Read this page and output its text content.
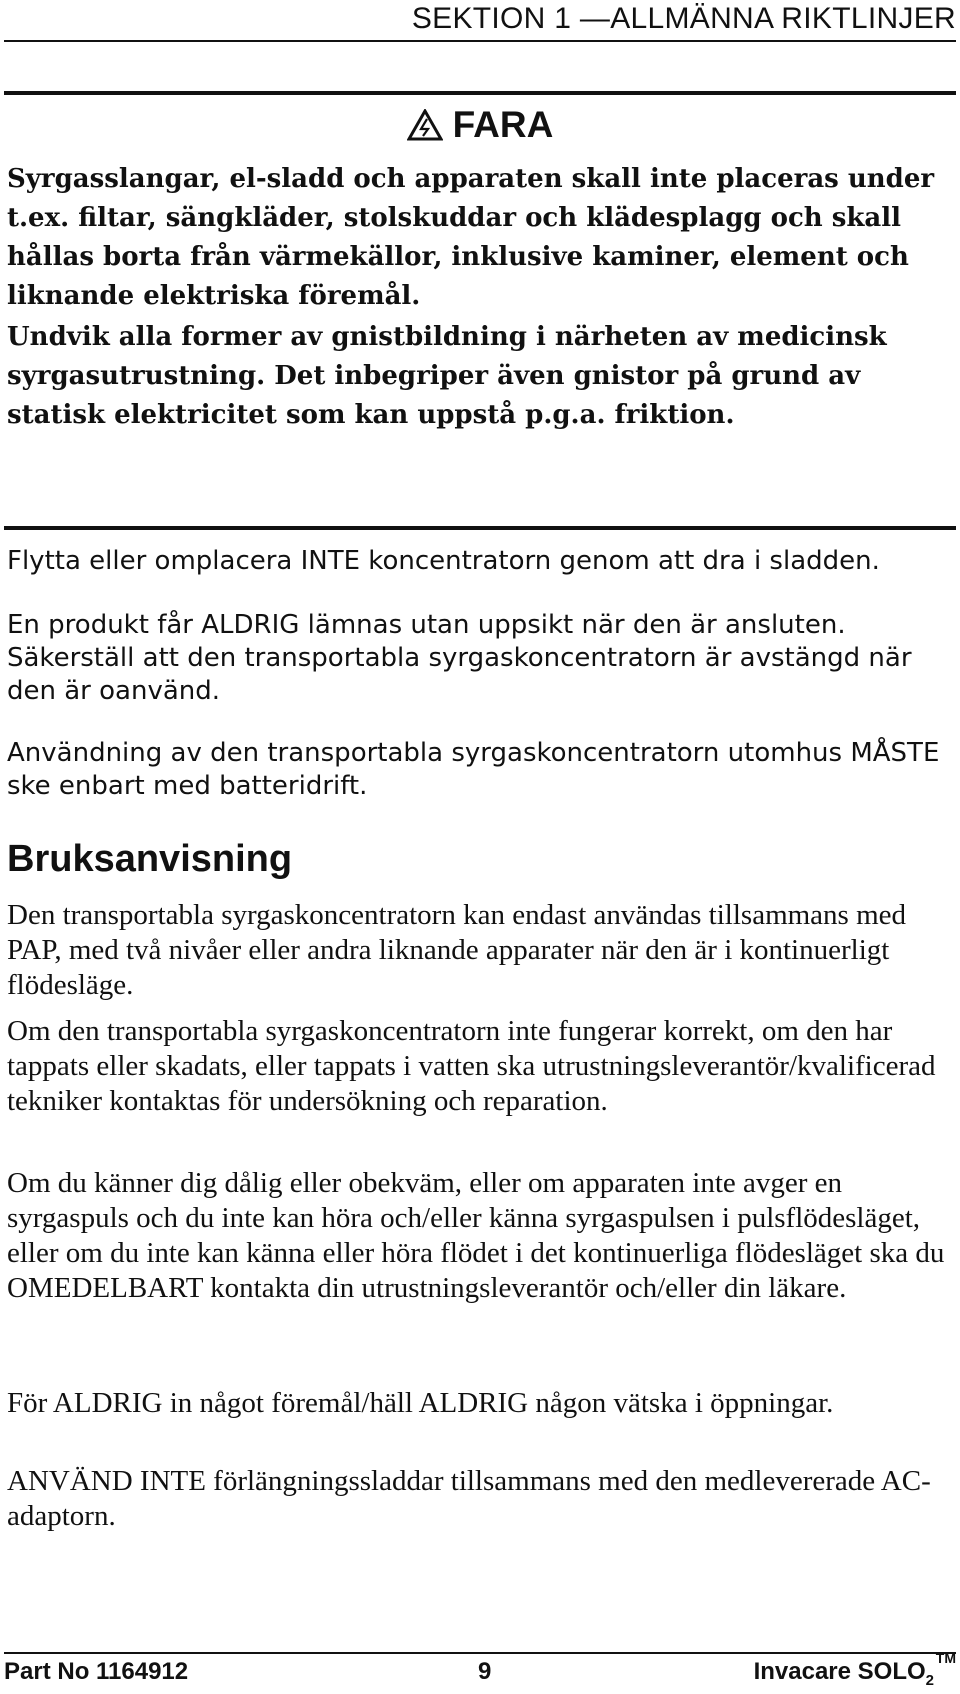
SEKTION 1 —ALLMÄNNA RIKTLINJER
FARA

Syrgasslangar, el-sladd och apparaten skall inte placeras under t.ex. filtar, sängkläder, stolskuddar och klädesplagg och skall hållas borta från värmekällor, inklusive kaminer, element och liknande elektriska föremål.

Undvik alla former av gnistbildning i närheten av medicinsk syrgasutrustning. Det inbegriper även gnistor på grund av statisk elektricitet som kan uppstå p.g.a. friktion.

Flytta eller omplacera INTE koncentratorn genom att dra i sladden.

En produkt får ALDRIG lämnas utan uppsikt när den är ansluten. Säkerställ att den transportabla syrgaskoncentratorn är avstängd när den är oanvänd.

Användning av den transportabla syrgaskoncentratorn utomhus MÅSTE ske enbart med batteridrift.

Bruksanvisning

Den transportabla syrgaskoncentratorn kan endast användas tillsammans med PAP, med två nivåer eller andra liknande apparater när den är i kontinuerligt flödesläge.

Om den transportabla syrgaskoncentratorn inte fungerar korrekt, om den har tappats eller skadats, eller tappats i vatten ska utrustningsleverantör/kvalificerad tekniker kontaktas för undersökning och reparation.

Om du känner dig dålig eller obekväm, eller om apparaten inte avger en syrgaspuls och du inte kan höra och/eller känna syrgaspulsen i pulsflödesläget, eller om du inte kan känna eller höra flödet i det kontinuerliga flödesläget ska du OMEDELBART kontakta din utrustningsleverantör och/eller din läkare.

För ALDRIG in något föremål/häll ALDRIG någon vätska i öppningar.

ANVÄND INTE förlängningssladdar tillsammans med den medlevererade AC-adaptorn.

Part No 1164912	9	Invacare $SOLO_2$
TM
